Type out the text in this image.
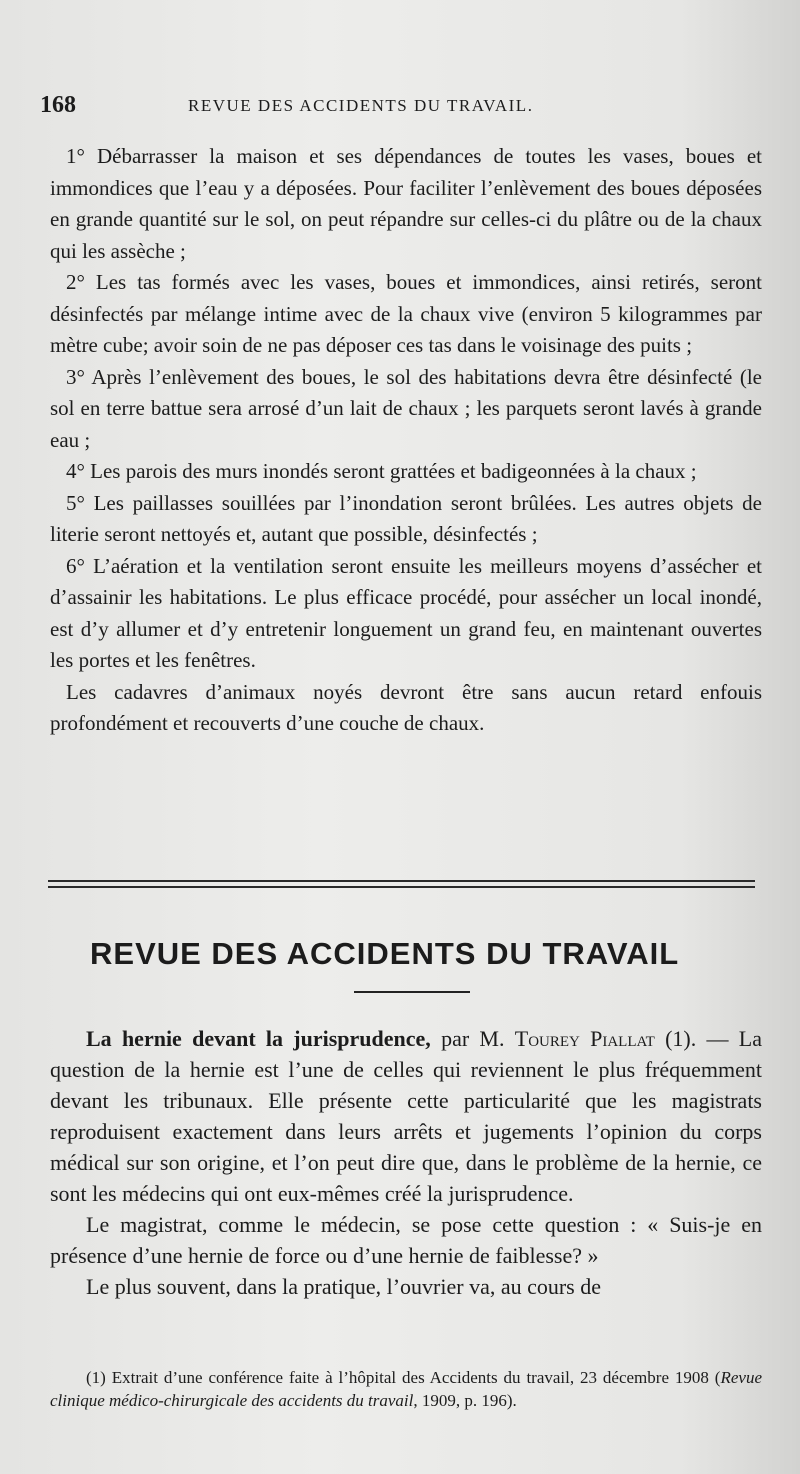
168	REVUE DES ACCIDENTS DU TRAVAIL.

1° Débarrasser la maison et ses dépendances de toutes les vases, boues et immondices que l’eau y a déposées. Pour faciliter l’enlèvement des boues déposées en grande quantité sur le sol, on peut répandre sur celles-ci du plâtre ou de la chaux qui les assèche ;

2° Les tas formés avec les vases, boues et immondices, ainsi retirés, seront désinfectés par mélange intime avec de la chaux vive (environ 5 kilogrammes par mètre cube; avoir soin de ne pas déposer ces tas dans le voisinage des puits ;

3° Après l’enlèvement des boues, le sol des habitations devra être désinfecté (le sol en terre battue sera arrosé d’un lait de chaux ; les parquets seront lavés à grande eau ;

4° Les parois des murs inondés seront grattées et badigeonnées à la chaux ;

5° Les paillasses souillées par l’inondation seront brûlées. Les autres objets de literie seront nettoyés et, autant que possible, désinfectés ;

6° L’aération et la ventilation seront ensuite les meilleurs moyens d’assécher et d’assainir les habitations. Le plus efficace procédé, pour assécher un local inondé, est d’y allumer et d’y entretenir longuement un grand feu, en maintenant ouvertes les portes et les fenêtres.

Les cadavres d’animaux noyés devront être sans aucun retard enfouis profondément et recouverts d’une couche de chaux.

REVUE DES ACCIDENTS DU TRAVAIL

La hernie devant la jurisprudence, par M. Tourey Piallat (1). — La question de la hernie est l’une de celles qui reviennent le plus fréquemment devant les tribunaux. Elle présente cette particularité que les magistrats reproduisent exactement dans leurs arrêts et jugements l’opinion du corps médical sur son origine, et l’on peut dire que, dans le problème de la hernie, ce sont les médecins qui ont eux-mêmes créé la jurisprudence.

Le magistrat, comme le médecin, se pose cette question : « Suis-je en présence d’une hernie de force ou d’une hernie de faiblesse? »

Le plus souvent, dans la pratique, l’ouvrier va, au cours de

(1) Extrait d’une conférence faite à l’hôpital des Accidents du travail, 23 décembre 1908 (Revue clinique médico-chirurgicale des accidents du travail, 1909, p. 196).
